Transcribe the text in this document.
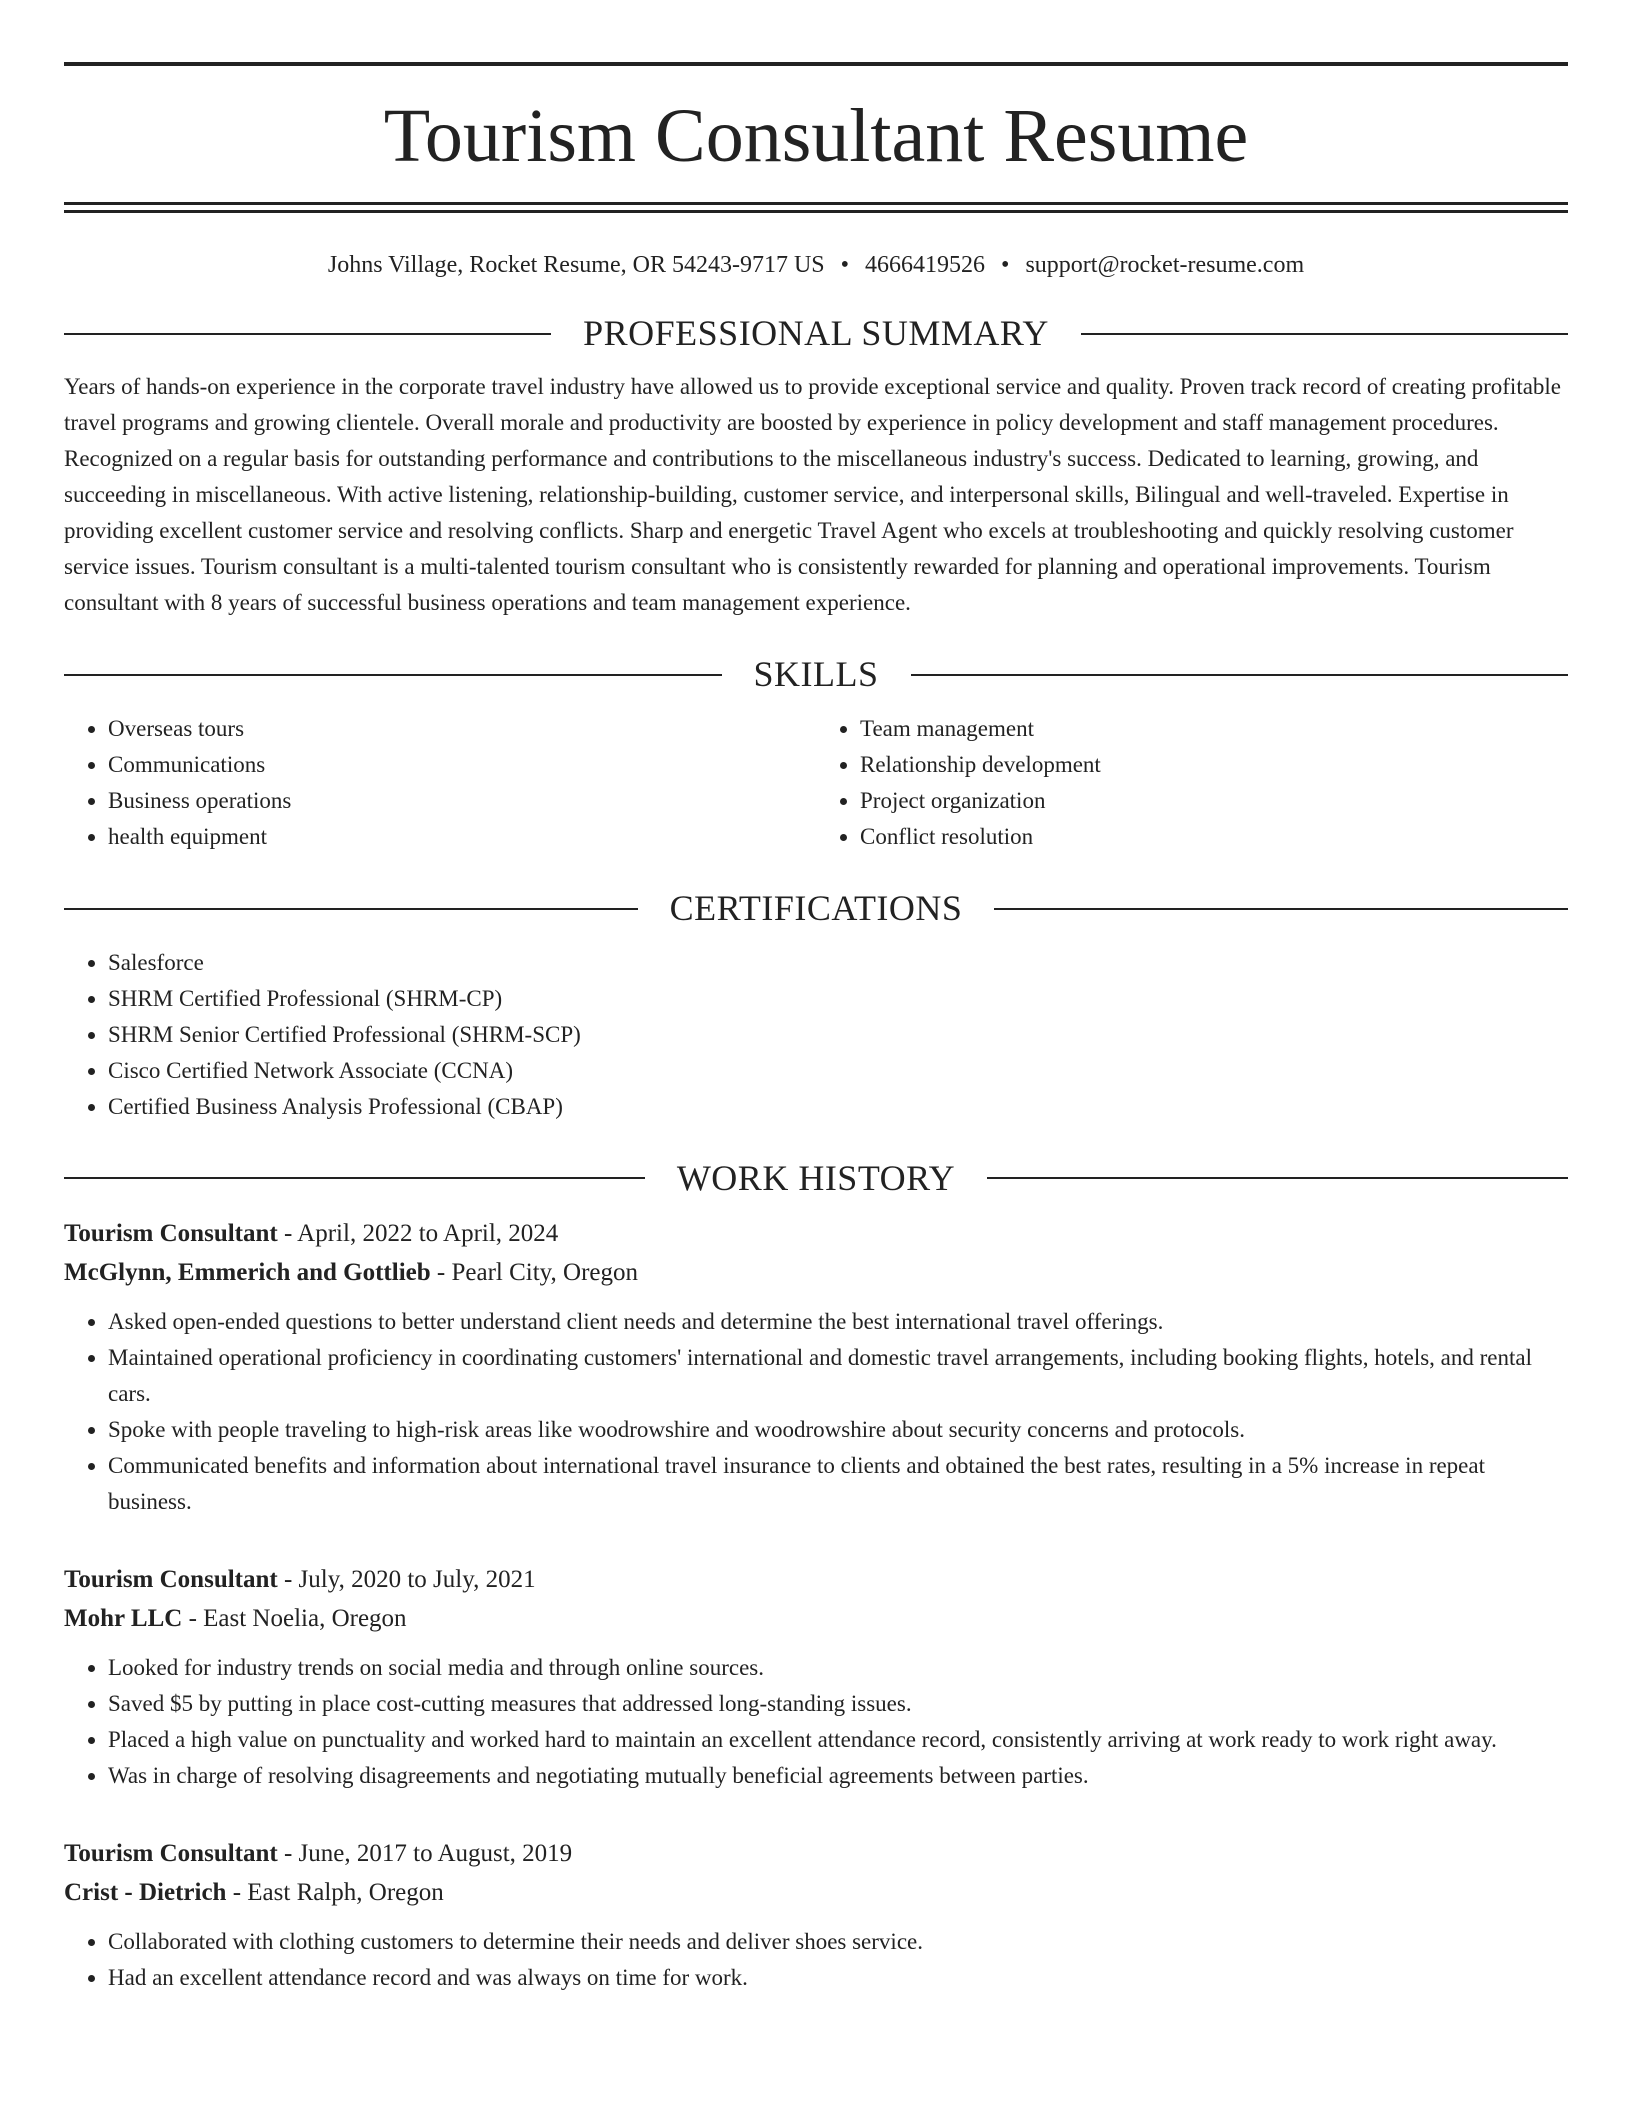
Tourism Consultant Resume
Johns Village, Rocket Resume, OR 54243-9717 US • 4666419526 • support@rocket-resume.com
PROFESSIONAL SUMMARY

Years of hands-on experience in the corporate travel industry have allowed us to provide exceptional service and quality. Proven track record of creating profitable travel programs and growing clientele. Overall morale and productivity are boosted by experience in policy development and staff management procedures. Recognized on a regular basis for outstanding performance and contributions to the miscellaneous industry's success. Dedicated to learning, growing, and succeeding in miscellaneous. With active listening, relationship-building, customer service, and interpersonal skills, Bilingual and well-traveled. Expertise in providing excellent customer service and resolving conflicts. Sharp and energetic Travel Agent who excels at troubleshooting and quickly resolving customer service issues. Tourism consultant is a multi-talented tourism consultant who is consistently rewarded for planning and operational improvements. Tourism consultant with 8 years of successful business operations and team management experience.

SKILLS
• Overseas tours
• Communications
• Business operations
• health equipment
• Team management
• Relationship development
• Project organization
• Conflict resolution
CERTIFICATIONS
• Salesforce
• SHRM Certified Professional (SHRM-CP)
• SHRM Senior Certified Professional (SHRM-SCP)
• Cisco Certified Network Associate (CCNA)
• Certified Business Analysis Professional (CBAP)
WORK HISTORY
Tourism Consultant - April, 2022 to April, 2024
McGlynn, Emmerich and Gottlieb - Pearl City, Oregon
• Asked open-ended questions to better understand client needs and determine the best international travel offerings.
• Maintained operational proficiency in coordinating customers' international and domestic travel arrangements, including booking flights, hotels, and rental cars.
• Spoke with people traveling to high-risk areas like woodrowshire and woodrowshire about security concerns and protocols.
• Communicated benefits and information about international travel insurance to clients and obtained the best rates, resulting in a 5% increase in repeat business.
Tourism Consultant - July, 2020 to July, 2021
Mohr LLC - East Noelia, Oregon
• Looked for industry trends on social media and through online sources.
• Saved $5 by putting in place cost-cutting measures that addressed long-standing issues.
• Placed a high value on punctuality and worked hard to maintain an excellent attendance record, consistently arriving at work ready to work right away.
• Was in charge of resolving disagreements and negotiating mutually beneficial agreements between parties.
Tourism Consultant - June, 2017 to August, 2019
Crist - Dietrich - East Ralph, Oregon
• Collaborated with clothing customers to determine their needs and deliver shoes service.
• Had an excellent attendance record and was always on time for work.
